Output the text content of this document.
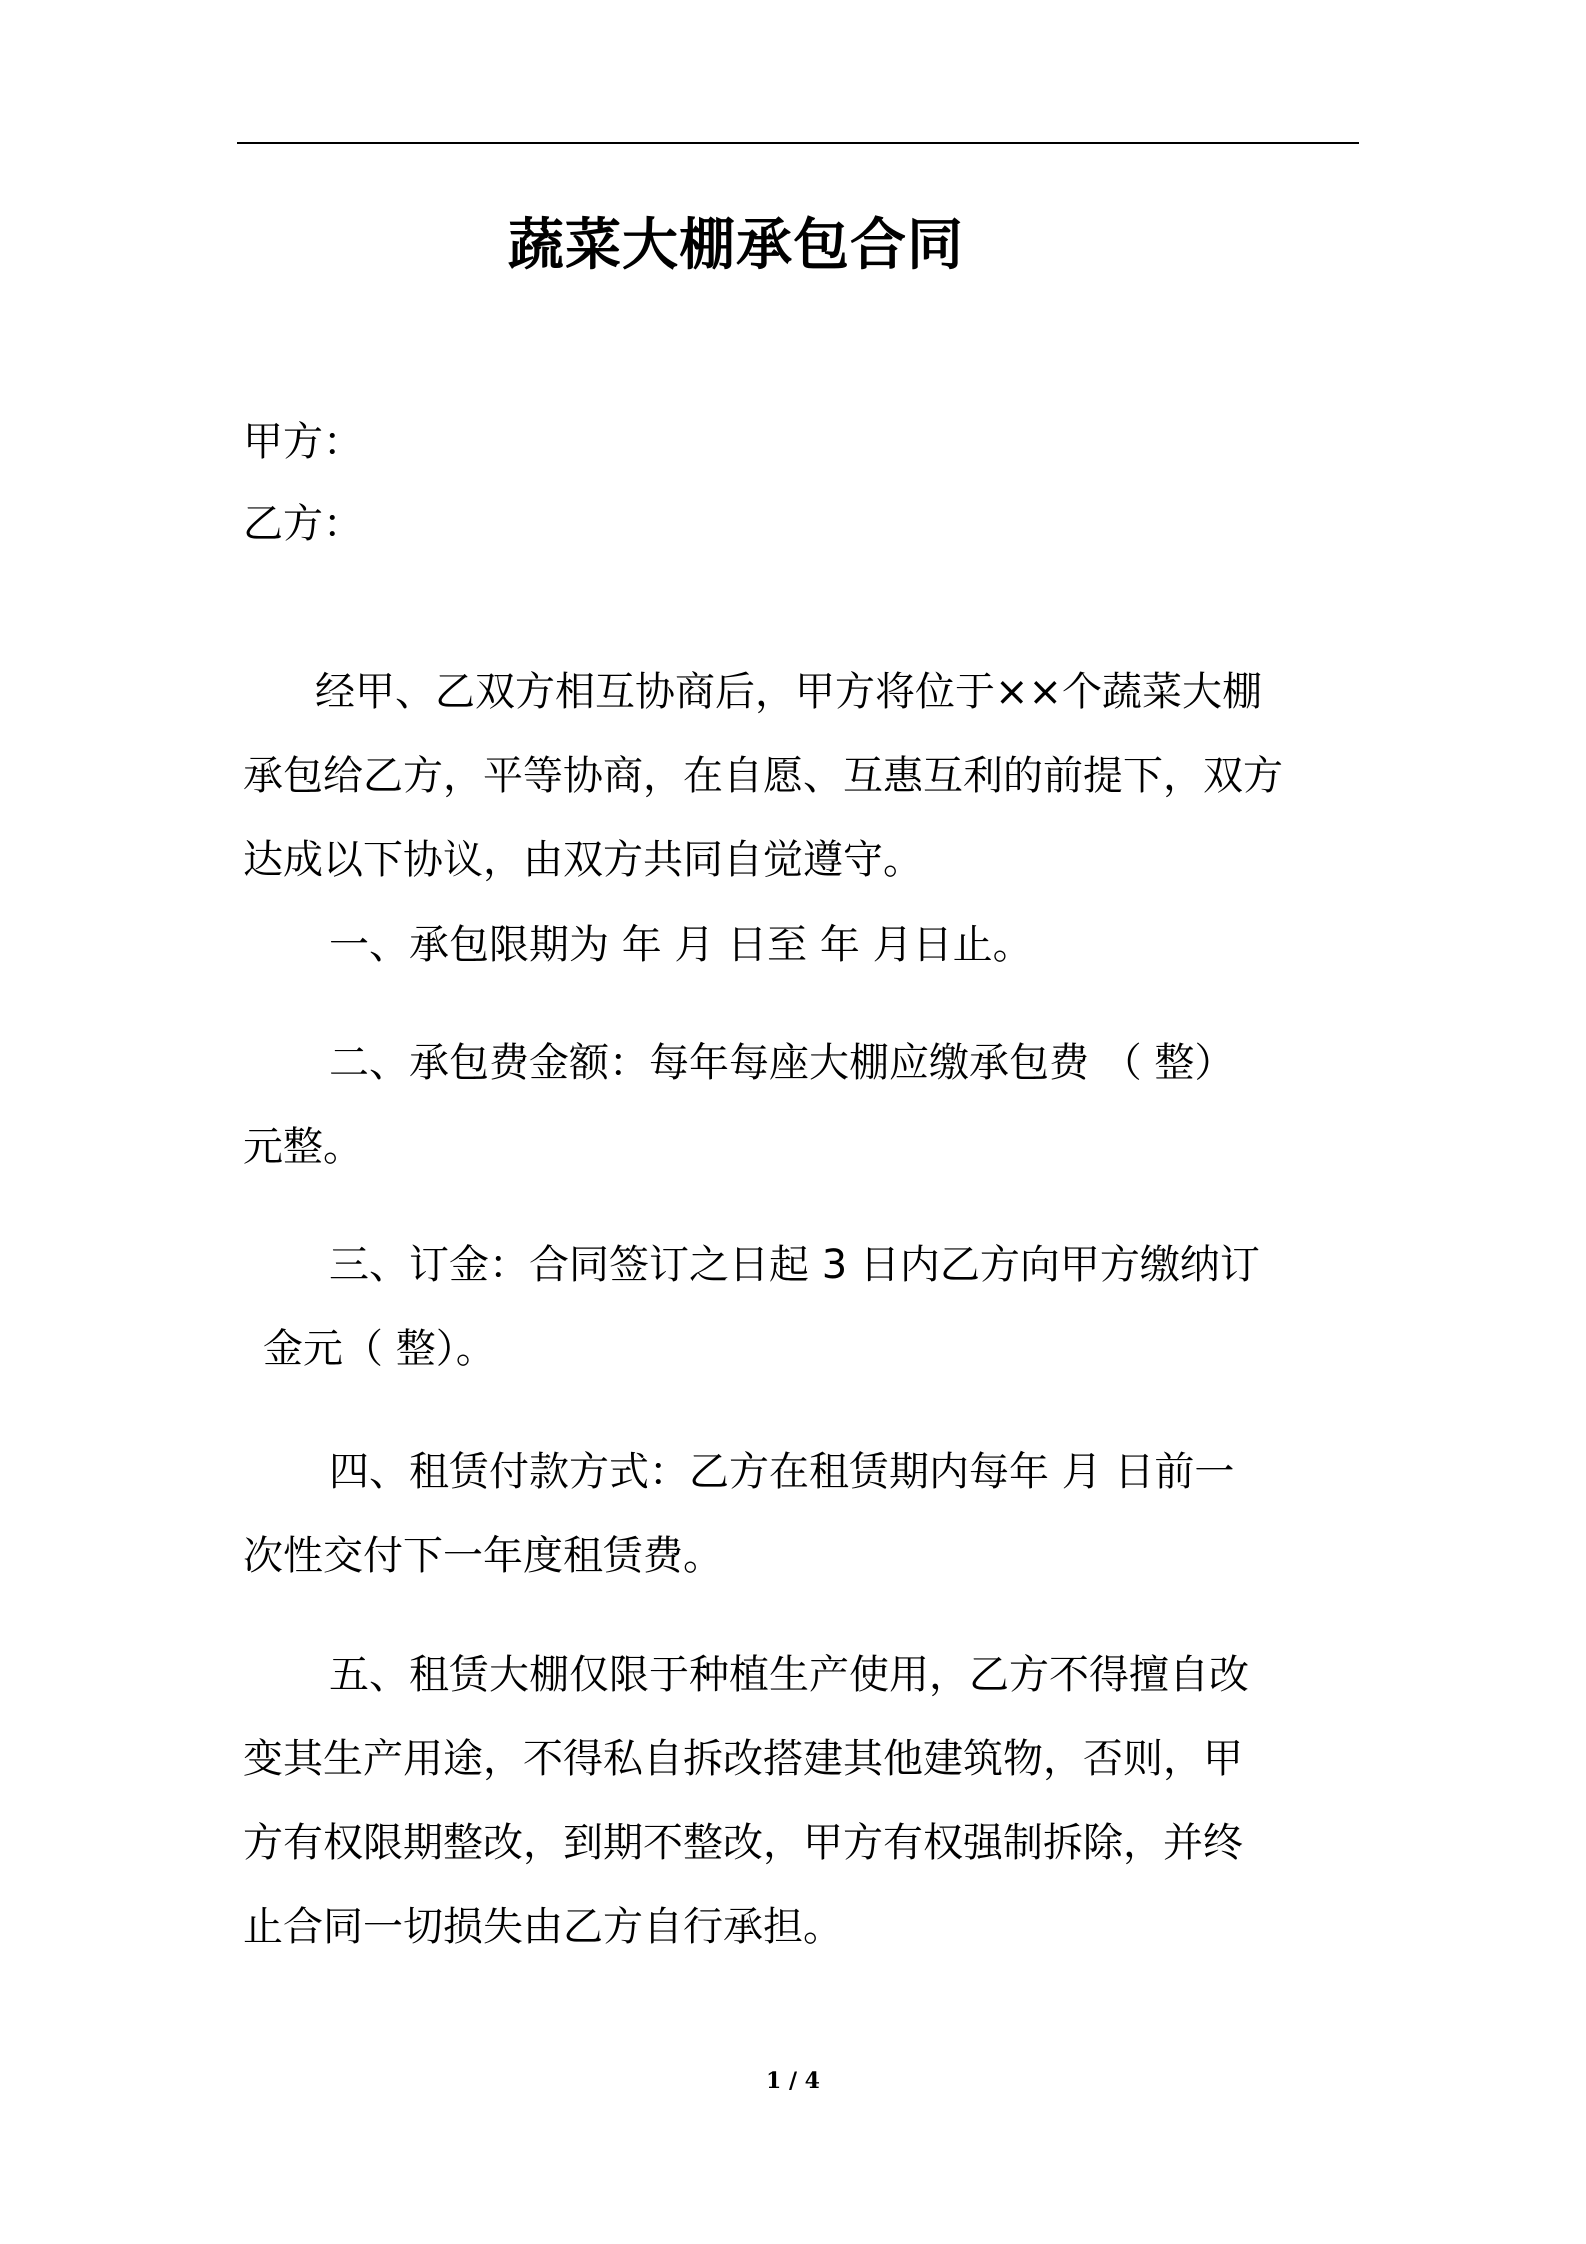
蔬菜大棚承包合同

甲方：

乙方：

经甲、乙双方相互协商后，甲方将位于××个蔬菜大棚
承包给乙方，平等协商，在自愿、互惠互利的前提下，双方
达成以下协议，由双方共同自觉遵守。
一、承包限期为 年 月 日至 年 月日止。
二、承包费金额：每年每座大棚应缴承包费 （ 整）
元整。
三、订金：合同签订之日起 3 日内乙方向甲方缴纳订
金元（ 整）。
四、租赁付款方式：乙方在租赁期内每年 月 日前一
次性交付下一年度租赁费。
五、租赁大棚仅限于种植生产使用，乙方不得擅自改
变其生产用途，不得私自拆改搭建其他建筑物，否则，甲
方有权限期整改，到期不整改，甲方有权强制拆除，并终
止合同一切损失由乙方自行承担。

1 / 4
